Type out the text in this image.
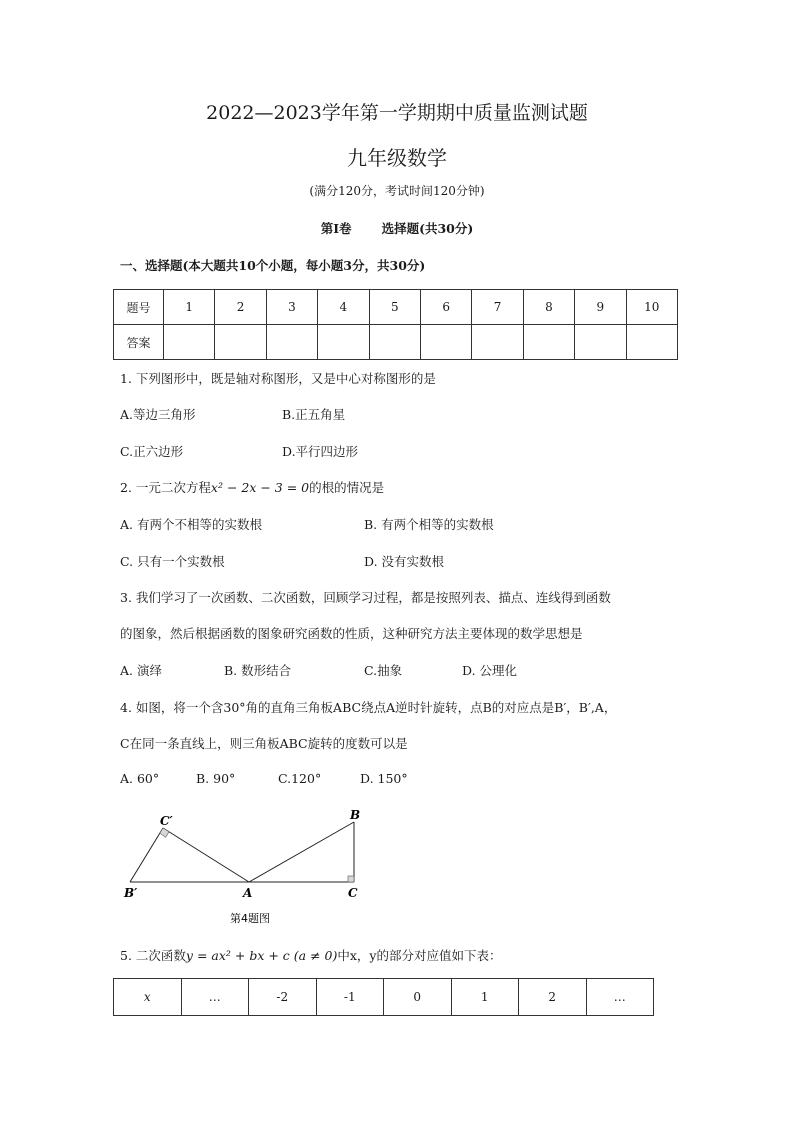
2022—2023学年第一学期期中质量监测试题
九年级数学
(满分120分，考试时间120分钟)
第Ⅰ卷 选择题(共30分)
一、选择题(本大题共10个小题，每小题3分，共30分)
题号	1	2	3	4	5	6	7	8	9	10
答案										
1. 下列图形中，既是轴对称图形，又是中心对称图形的是
A.等边三角形	B.正五角星
C.正六边形	D.平行四边形
2. 一元二次方程x² − 2x − 3 = 0的根的情况是
A. 有两个不相等的实数根	B. 有两个相等的实数根
C. 只有一个实数根	D. 没有实数根
3. 我们学习了一次函数、二次函数，回顾学习过程，都是按照列表、描点、连线得到函数
的图象，然后根据函数的图象研究函数的性质，这种研究方法主要体现的数学思想是
A. 演绎	B. 数形结合	C.抽象	D. 公理化
4. 如图，将一个含30°角的直角三角板ABC绕点A逆时针旋转，点B的对应点是B′，B′,A，
C在同一条直线上，则三角板ABC旋转的度数可以是
A. 60°	B. 90°	C.120°	D. 150°
C′
B′	A
B
C
第4题图
5. 二次函数y = ax² + bx + c (a ≠ 0)中x，y的部分对应值如下表：
x	…	-2	-1	0	1	2	…
